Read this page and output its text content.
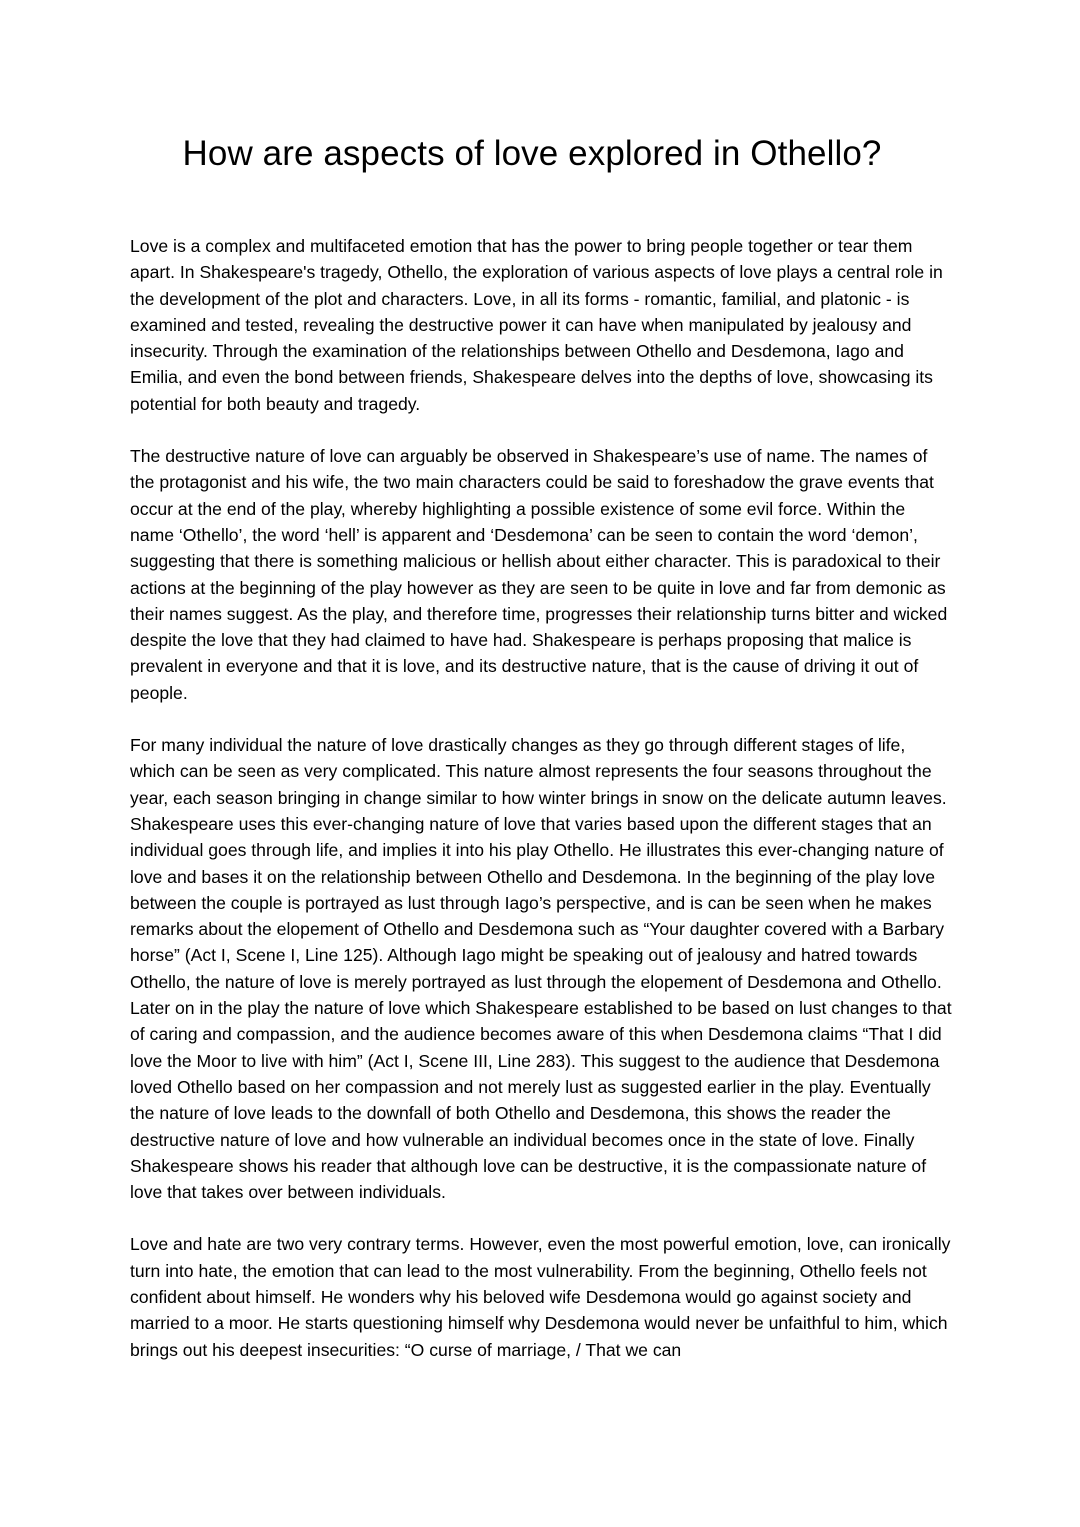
How are aspects of love explored in Othello?

Love is a complex and multifaceted emotion that has the power to bring people together or tear them apart. In Shakespeare's tragedy, Othello, the exploration of various aspects of love plays a central role in the development of the plot and characters. Love, in all its forms - romantic, familial, and platonic - is examined and tested, revealing the destructive power it can have when manipulated by jealousy and insecurity. Through the examination of the relationships between Othello and Desdemona, Iago and Emilia, and even the bond between friends, Shakespeare delves into the depths of love, showcasing its potential for both beauty and tragedy.

The destructive nature of love can arguably be observed in Shakespeare’s use of name. The names of the protagonist and his wife, the two main characters could be said to foreshadow the grave events that occur at the end of the play, whereby highlighting a possible existence of some evil force. Within the name ‘Othello’, the word ‘hell’ is apparent and ‘Desdemona’ can be seen to contain the word ‘demon’, suggesting that there is something malicious or hellish about either character. This is paradoxical to their actions at the beginning of the play however as they are seen to be quite in love and far from demonic as their names suggest. As the play, and therefore time, progresses their relationship turns bitter and wicked despite the love that they had claimed to have had. Shakespeare is perhaps proposing that malice is prevalent in everyone and that it is love, and its destructive nature, that is the cause of driving it out of people.

For many individual the nature of love drastically changes as they go through different stages of life, which can be seen as very complicated. This nature almost represents the four seasons throughout the year, each season bringing in change similar to how winter brings in snow on the delicate autumn leaves. Shakespeare uses this ever-changing nature of love that varies based upon the different stages that an individual goes through life, and implies it into his play Othello. He illustrates this ever-changing nature of love and bases it on the relationship between Othello and Desdemona. In the beginning of the play love between the couple is portrayed as lust through Iago’s perspective, and is can be seen when he makes remarks about the elopement of Othello and Desdemona such as “Your daughter covered with a Barbary horse” (Act I, Scene I, Line 125). Although Iago might be speaking out of jealousy and hatred towards Othello, the nature of love is merely portrayed as lust through the elopement of Desdemona and Othello. Later on in the play the nature of love which Shakespeare established to be based on lust changes to that of caring and compassion, and the audience becomes aware of this when Desdemona claims “That I did love the Moor to live with him” (Act I, Scene III, Line 283). This suggest to the audience that Desdemona loved Othello based on her compassion and not merely lust as suggested earlier in the play. Eventually the nature of love leads to the downfall of both Othello and Desdemona, this shows the reader the destructive nature of love and how vulnerable an individual becomes once in the state of love. Finally Shakespeare shows his reader that although love can be destructive, it is the compassionate nature of love that takes over between individuals.

Love and hate are two very contrary terms. However, even the most powerful emotion, love, can ironically turn into hate, the emotion that can lead to the most vulnerability. From the beginning, Othello feels not confident about himself. He wonders why his beloved wife Desdemona would go against society and married to a moor. He starts questioning himself why Desdemona would never be unfaithful to him, which brings out his deepest insecurities: “O curse of marriage, / That we can
